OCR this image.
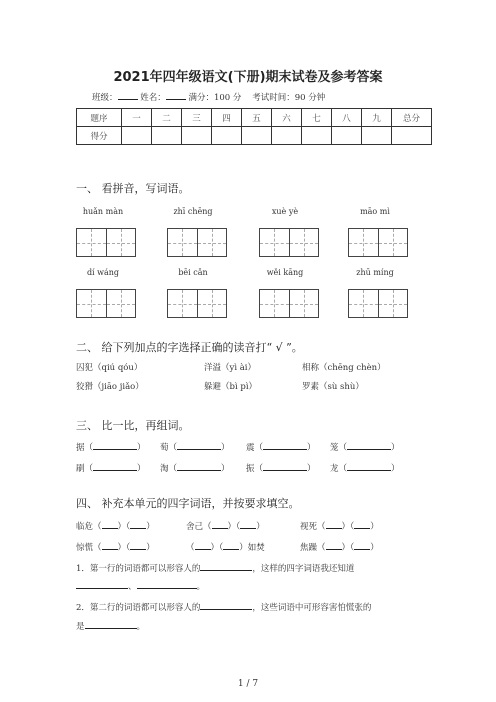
2021年四年级语文(下册)期末试卷及参考答案
班级：	姓名：	满分：100 分 考试时间：90 分钟
题序	一	二	三	四	五	六	七	八	九	总分
得分										
一、 看拼音，写词语。
huǎn màn	zhī chēng	xuè yè	māo mì
dí wáng	bēi cǎn	wěi kāng	zhū míng
二、 给下列加点的字选择正确的读音打“ √ ”。
囚犯（qiú qóu）	洋溢（yì ài）	相称（chēng chèn）
狡猾（jiāo jiǎo）	躲避（bì pì）	罗素（sù shù）
三、 比一比，再组词。
据（	） 萄（	） 震（	） 笼（	）
刷（	） 淘（	） 振（	） 龙（	）
四、 补充本单元的四字词语，并按要求填空。
临危（ ）（ ）	舍己（ ）（ ）	视死（ ）（ ）
惊慌（ ）（ ）	（ ）（ ）如焚	焦躁（ ）（ ）
1．第一行的词语都可以形容人的	，这样的四字词语我还知道
、	。
2．第二行的词语都可以形容人的	，这些词语中可形容害怕慌张的
是	。
1 / 7
